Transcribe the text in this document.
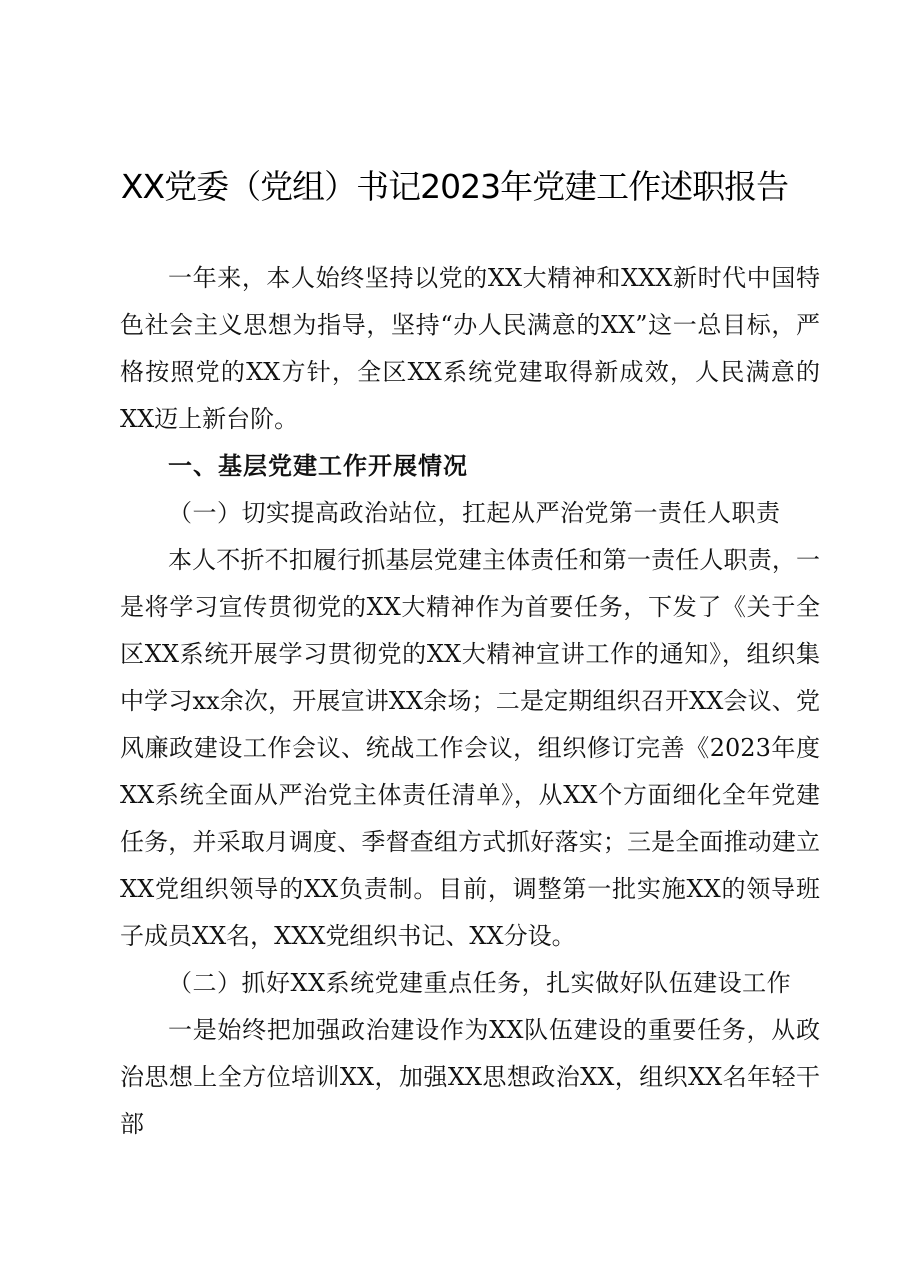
XX党委（党组）书记2023年党建工作述职报告

一年来，本人始终坚持以党的XX大精神和XXX新时代中国特色社会主义思想为指导，坚持“办人民满意的XX”这一总目标，严格按照党的XX方针，全区XX系统党建取得新成效，人民满意的XX迈上新台阶。

一、基层党建工作开展情况

（一）切实提高政治站位，扛起从严治党第一责任人职责

本人不折不扣履行抓基层党建主体责任和第一责任人职责，一是将学习宣传贯彻党的XX大精神作为首要任务，下发了《关于全区XX系统开展学习贯彻党的XX大精神宣讲工作的通知》，组织集中学习xx余次，开展宣讲XX余场；二是定期组织召开XX会议、党风廉政建设工作会议、统战工作会议，组织修订完善《2023年度XX系统全面从严治党主体责任清单》，从XX个方面细化全年党建任务，并采取月调度、季督查组方式抓好落实；三是全面推动建立XX党组织领导的XX负责制。目前，调整第一批实施XX的领导班子成员XX名，XXX党组织书记、XX分设。

（二）抓好XX系统党建重点任务，扎实做好队伍建设工作

一是始终把加强政治建设作为XX队伍建设的重要任务，从政治思想上全方位培训XX，加强XX思想政治XX，组织XX名年轻干部
